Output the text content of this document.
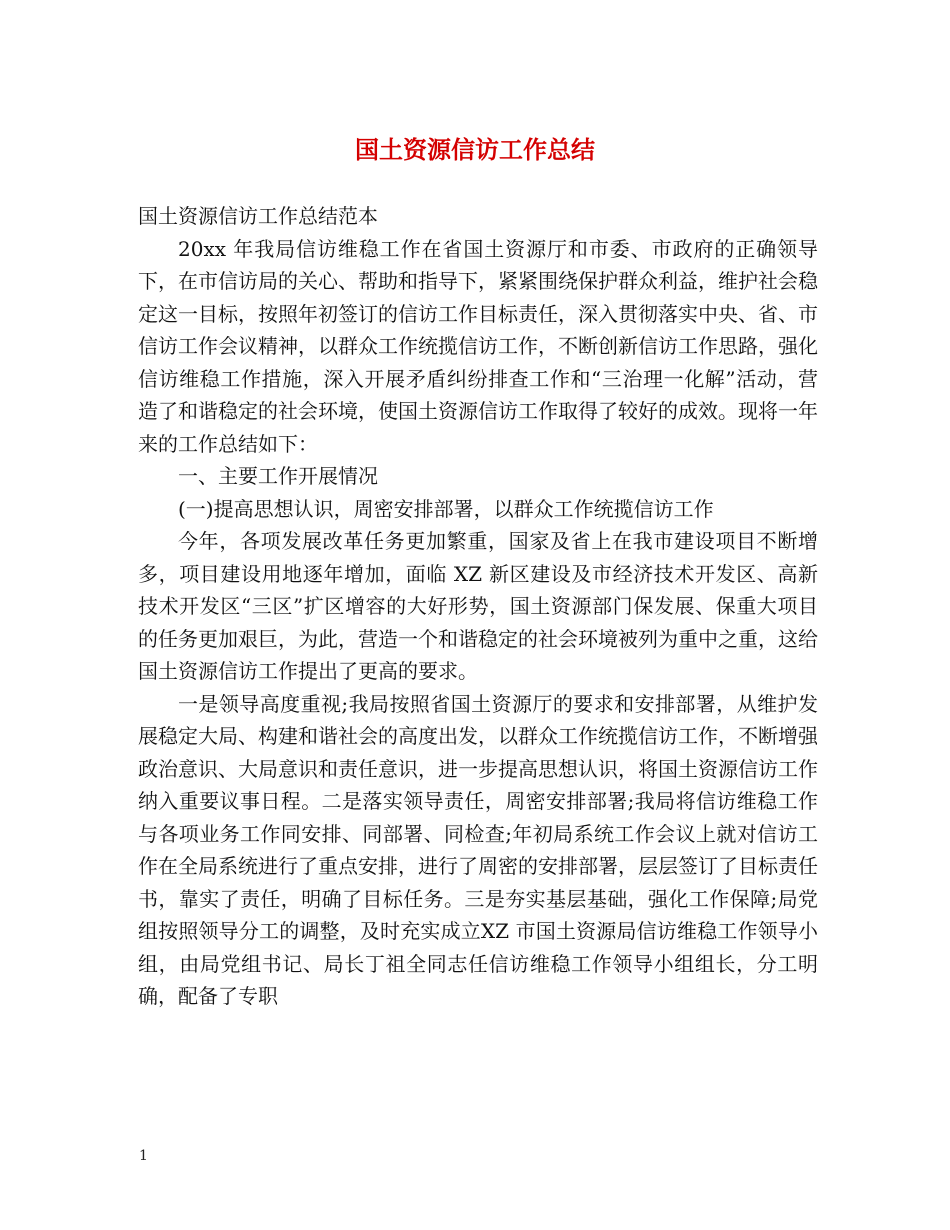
国土资源信访工作总结

国土资源信访工作总结范本

20xx 年我局信访维稳工作在省国土资源厅和市委、市政府的正确领导下，在市信访局的关心、帮助和指导下，紧紧围绕保护群众利益，维护社会稳定这一目标，按照年初签订的信访工作目标责任，深入贯彻落实中央、省、市信访工作会议精神，以群众工作统揽信访工作，不断创新信访工作思路，强化信访维稳工作措施，深入开展矛盾纠纷排查工作和“三治理一化解”活动，营造了和谐稳定的社会环境，使国土资源信访工作取得了较好的成效。现将一年来的工作总结如下：

一、主要工作开展情况

(一)提高思想认识，周密安排部署，以群众工作统揽信访工作

今年，各项发展改革任务更加繁重，国家及省上在我市建设项目不断增多，项目建设用地逐年增加，面临 XZ 新区建设及市经济技术开发区、高新技术开发区“三区”扩区增容的大好形势，国土资源部门保发展、保重大项目的任务更加艰巨，为此，营造一个和谐稳定的社会环境被列为重中之重，这给国土资源信访工作提出了更高的要求。

一是领导高度重视;我局按照省国土资源厅的要求和安排部署，从维护发展稳定大局、构建和谐社会的高度出发，以群众工作统揽信访工作，不断增强政治意识、大局意识和责任意识，进一步提高思想认识，将国土资源信访工作纳入重要议事日程。二是落实领导责任，周密安排部署;我局将信访维稳工作与各项业务工作同安排、同部署、同检查;年初局系统工作会议上就对信访工作在全局系统进行了重点安排，进行了周密的安排部署，层层签订了目标责任书，靠实了责任，明确了目标任务。三是夯实基层基础，强化工作保障;局党组按照领导分工的调整，及时充实成立XZ 市国土资源局信访维稳工作领导小组，由局党组书记、局长丁祖全同志任信访维稳工作领导小组组长，分工明确，配备了专职

1
